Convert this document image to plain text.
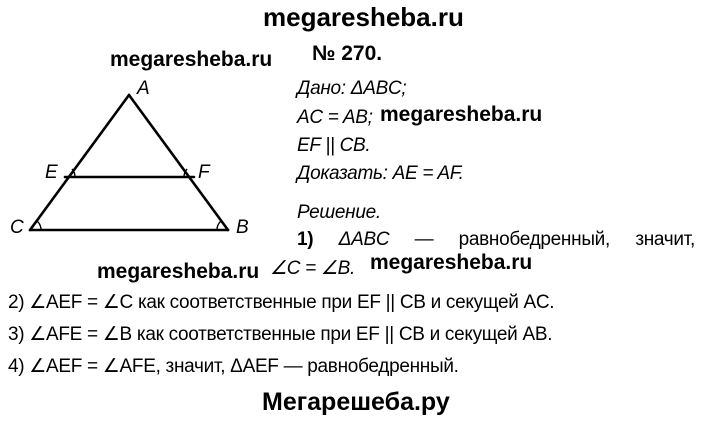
megaresheba.ru
megaresheba.ru
A
E	F
C	B
№ 270.
Дано: ΔABC;
AC = AB;
EF || CB.
megaresheba.ru
Доказать: AE = AF.
Решение.
1) ΔABC — равнобедренный, значит,
∠C = ∠B.
megaresheba.ru	megaresheba.ru
2) ∠AEF = ∠C как соответственные при EF || CB и секущей AC.
3) ∠AFE = ∠B как соответственные при EF || CB и секущей AB.
4) ∠AEF = ∠AFE, значит, ΔAEF — равнобедренный.
Мегарешеба.ру
